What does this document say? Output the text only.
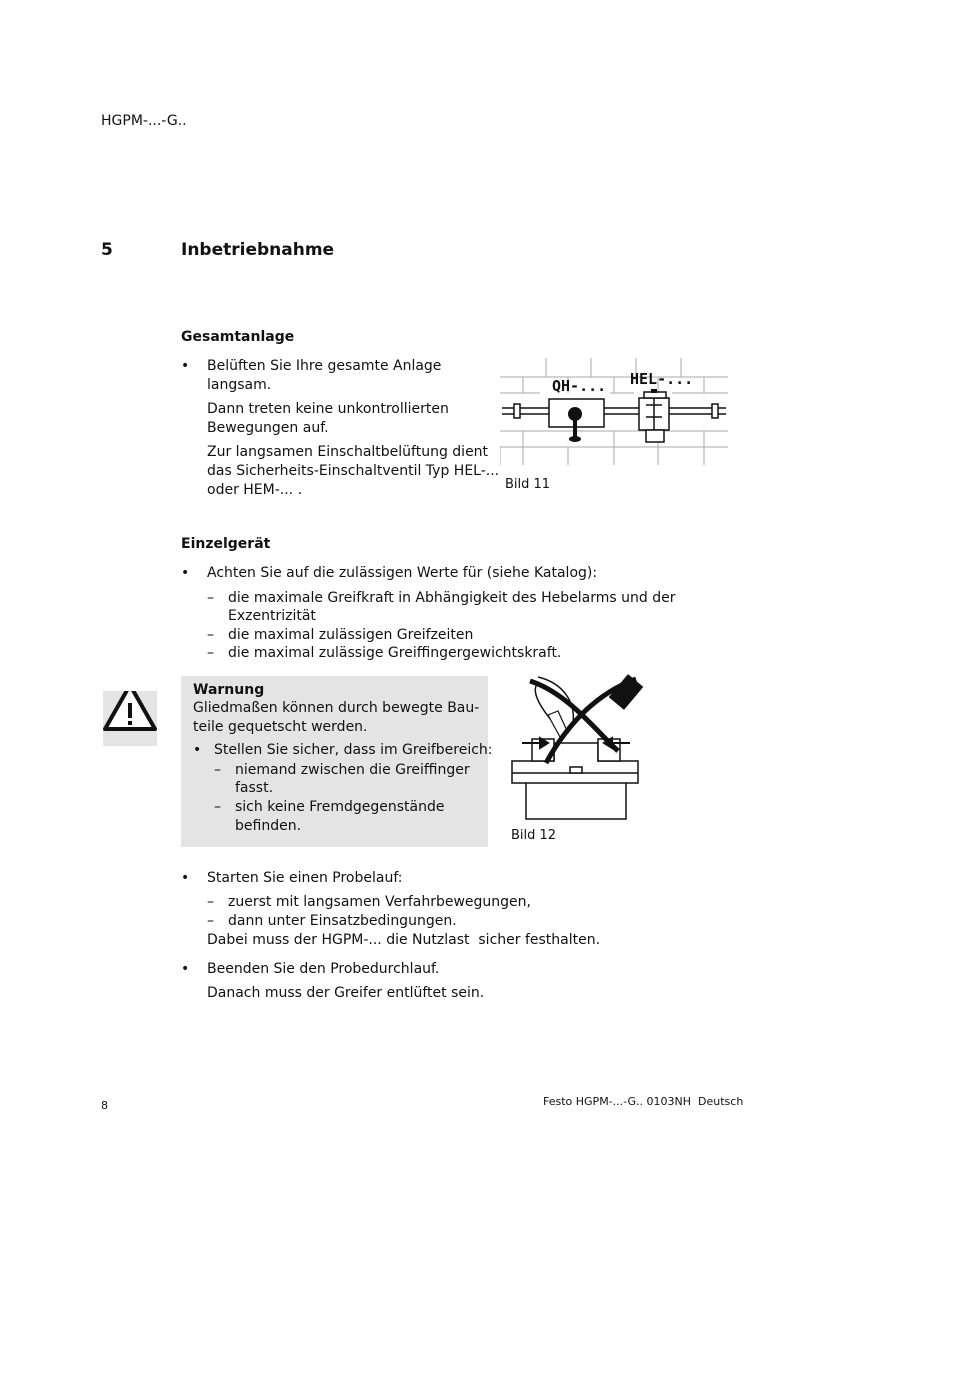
HGPM-...-G..
5	Inbetriebnahme
Gesamtanlage
• Belüften Sie Ihre gesamte Anlage
langsam.
Dann treten keine unkontrollierten
Bewegungen auf.
Zur langsamen Einschaltbelüftung dient
das Sicherheits-Einschaltventil Typ HEL-...
oder HEM-... .
QH-... HEL-...
Bild 11
Einzelgerät
• Achten Sie auf die zulässigen Werte für (siehe Katalog):
– die maximale Greifkraft in Abhängigkeit des Hebelarms und der
Exzentrizität
– die maximal zulässigen Greifzeiten
– die maximal zulässige Greiffingergewichtskraft.
Warnung
Gliedmaßen können durch bewegte Bau-
teile gequetscht werden.
• Stellen Sie sicher, dass im Greifbereich:
– niemand zwischen die Greiffinger
fasst.
– sich keine Fremdgegenstände
befinden.
Bild 12
• Starten Sie einen Probelauf:
– zuerst mit langsamen Verfahrbewegungen,
– dann unter Einsatzbedingungen.
Dabei muss der HGPM-... die Nutzlast  sicher festhalten.
• Beenden Sie den Probedurchlauf.
Danach muss der Greifer entlüftet sein.
8	Festo HGPM-...-G.. 0103NH  Deutsch
